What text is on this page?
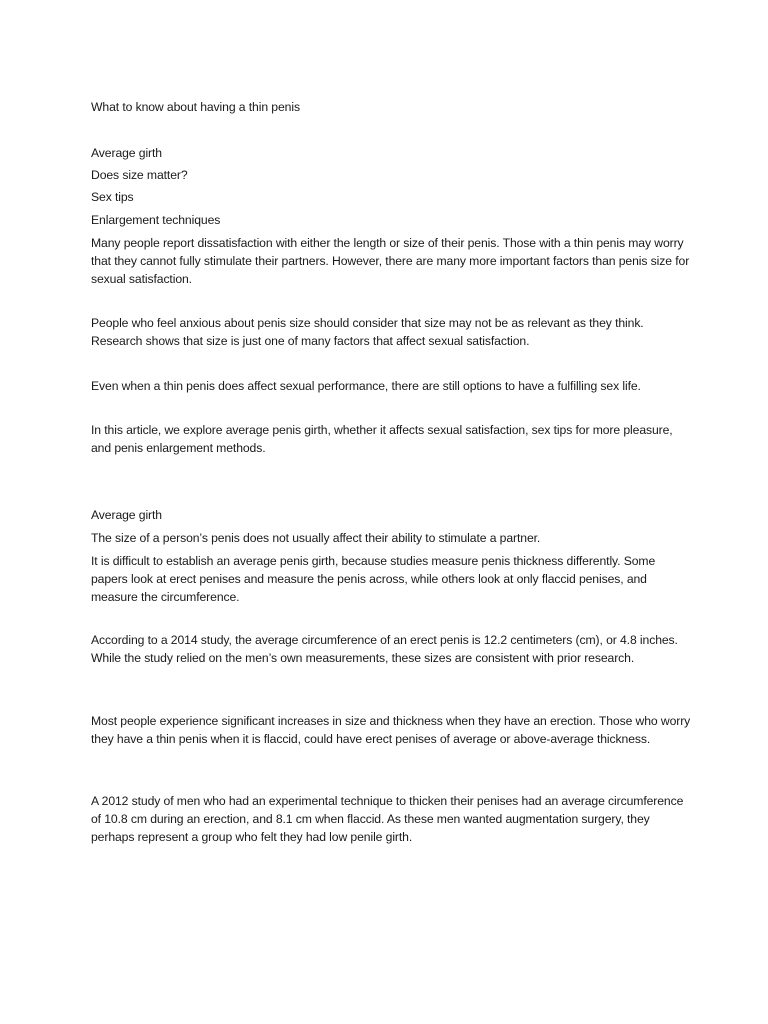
What to know about having a thin penis

Average girth

Does size matter?

Sex tips

Enlargement techniques

Many people report dissatisfaction with either the length or size of their penis. Those with a thin penis may worry that they cannot fully stimulate their partners. However, there are many more important factors than penis size for sexual satisfaction.

People who feel anxious about penis size should consider that size may not be as relevant as they think. Research shows that size is just one of many factors that affect sexual satisfaction.

Even when a thin penis does affect sexual performance, there are still options to have a fulfilling sex life.

In this article, we explore average penis girth, whether it affects sexual satisfaction, sex tips for more pleasure, and penis enlargement methods.

Average girth

The size of a person’s penis does not usually affect their ability to stimulate a partner.

It is difficult to establish an average penis girth, because studies measure penis thickness differently. Some papers look at erect penises and measure the penis across, while others look at only flaccid penises, and measure the circumference.

According to a 2014 study, the average circumference of an erect penis is 12.2 centimeters (cm), or 4.8 inches. While the study relied on the men’s own measurements, these sizes are consistent with prior research.

Most people experience significant increases in size and thickness when they have an erection. Those who worry they have a thin penis when it is flaccid, could have erect penises of average or above-average thickness.

A 2012 study of men who had an experimental technique to thicken their penises had an average circumference of 10.8 cm during an erection, and 8.1 cm when flaccid. As these men wanted augmentation surgery, they perhaps represent a group who felt they had low penile girth.
